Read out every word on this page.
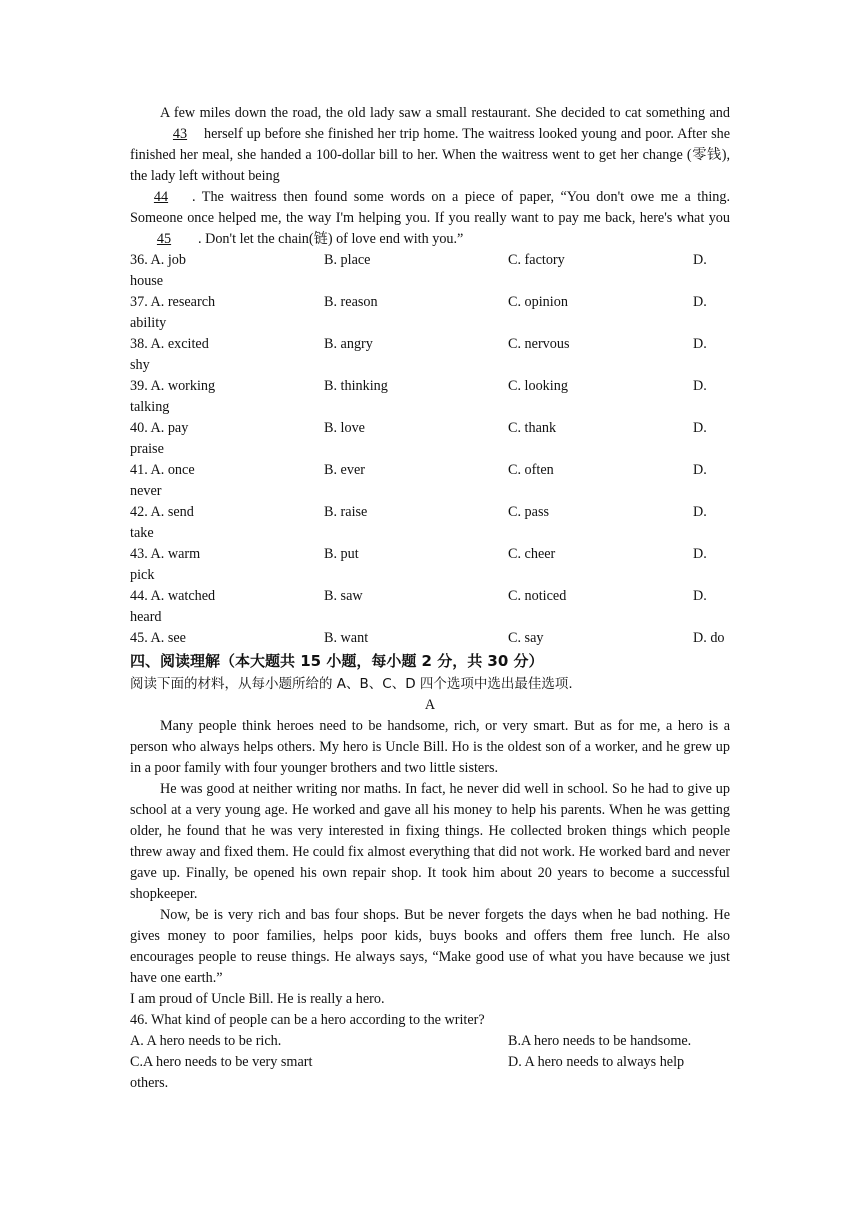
A few miles down the road, the old lady saw a small restaurant. She decided to cat something and 43 herself up before she finished her trip home. The waitress looked young and poor. After she finished her meal, she handed a 100-dollar bill to her. When the waitress went to get her change (零钱), the lady left without being

44 . The waitress then found some words on a piece of paper, “You don't owe me a thing. Someone once helped me, the way I'm helping you. If you really want to pay me back, here's what you 45 . Don't let the chain(链) of love end with you.”

36. A. job	B. place	C. factory	D.
house
37. A. research	B. reason	C. opinion	D.
ability
38. A. excited	B. angry	C. nervous	D.
shy
39. A. working	B. thinking	C. looking	D.
talking
40. A. pay	B. love	C. thank	D.
praise
41. A. once	B. ever	C. often	D.
never
42. A. send	B. raise	C. pass	D.
take
43. A. warm	B. put	C. cheer	D.
pick
44. A. watched	B. saw	C. noticed	D.
heard
45. A. see	B. want	C. say	D. do

四、阅读理解（本大题共 15 小题，每小题 2 分，共 30 分）

阅读下面的材料，从每小题所给的 A、B、C、D 四个选项中选出最佳选项.

A

Many people think heroes need to be handsome, rich, or very smart. But as for me, a hero is a person who always helps others. My hero is Uncle Bill. Ho is the oldest son of a worker, and he grew up in a poor family with four younger brothers and two little sisters.

He was good at neither writing nor maths. In fact, he never did well in school. So he had to give up school at a very young age. He worked and gave all his money to help his parents. When he was getting older, he found that he was very interested in fixing things. He collected broken things which people threw away and fixed them. He could fix almost everything that did not work. He worked bard and never gave up. Finally, be opened his own repair shop. It took him about 20 years to become a successful shopkeeper.

Now, be is very rich and bas four shops. But be never forgets the days when he bad nothing. He gives money to poor families, helps poor kids, buys books and offers them free lunch. He also encourages people to reuse things. He always says, “Make good use of what you have because we just have one earth.”

I am proud of Uncle Bill. He is really a hero.

46. What kind of people can be a hero according to the writer?

A. A hero needs to be rich.	B.A hero needs to be handsome.
C.A hero needs to be very smart	D. A hero needs to always help

others.
